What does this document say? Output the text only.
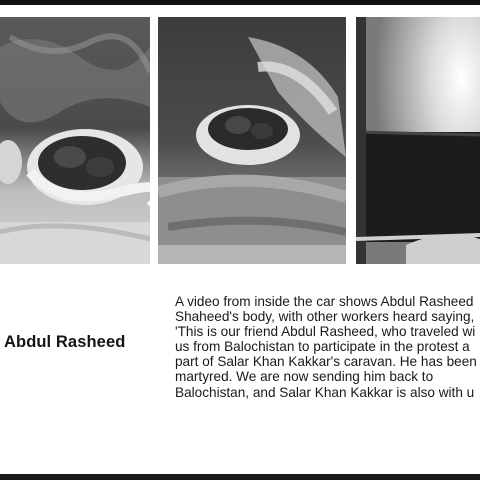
Abdul Rasheed
A video from inside the car shows Abdul Rasheed
Shaheed's body, with other workers heard saying,
'This is our friend Abdul Rasheed, who traveled wi
us from Balochistan to participate in the protest a
part of Salar Khan Kakkar's caravan. He has been
martyred. We are now sending him back to
Balochistan, and Salar Khan Kakkar is also with u
